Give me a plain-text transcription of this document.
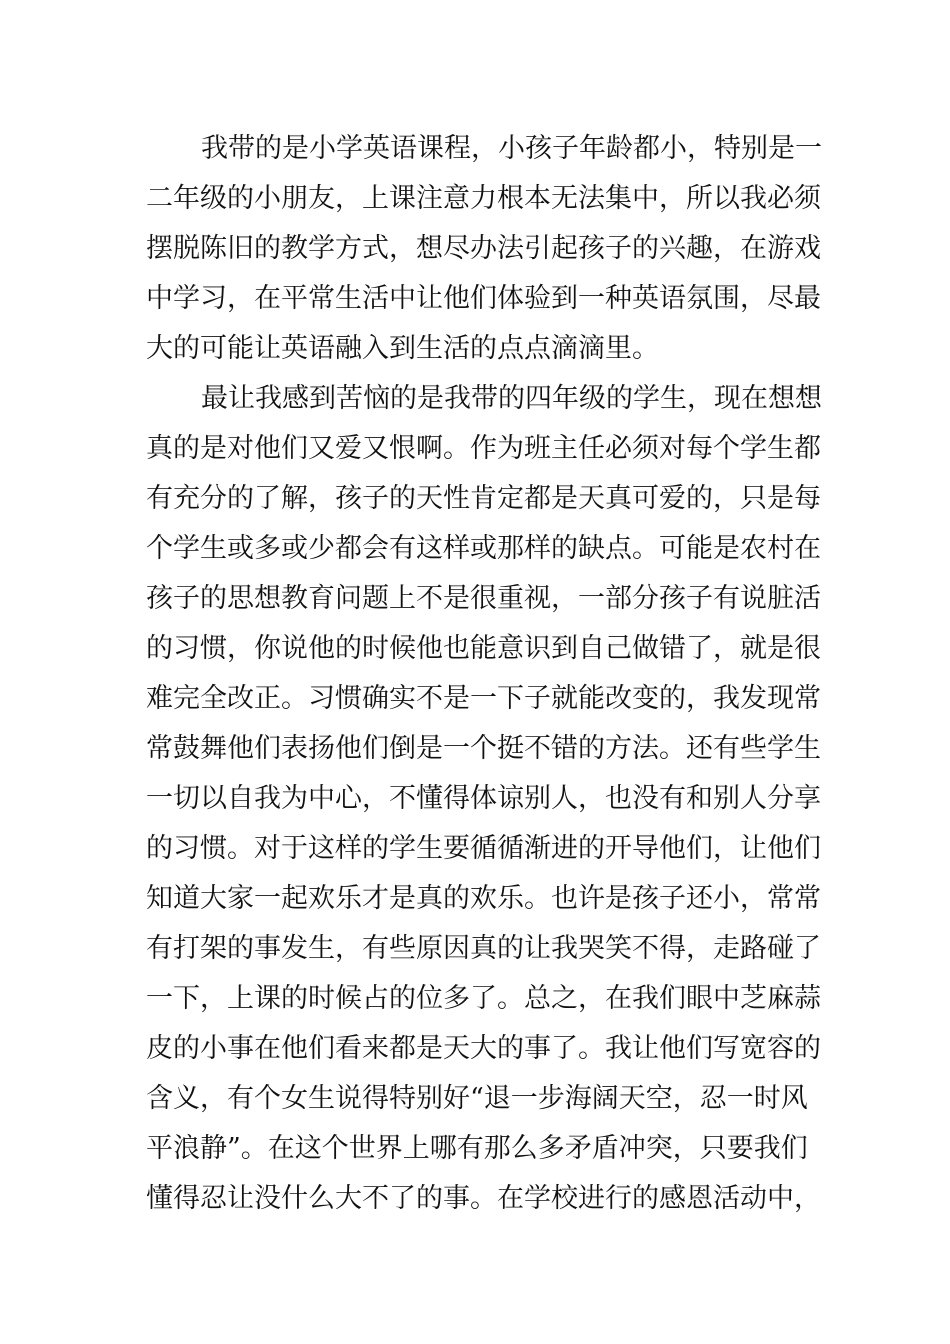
我带的是小学英语课程，小孩子年龄都小，特别是一
二年级的小朋友，上课注意力根本无法集中，所以我必须
摆脱陈旧的教学方式，想尽办法引起孩子的兴趣，在游戏
中学习，在平常生活中让他们体验到一种英语氛围，尽最
大的可能让英语融入到生活的点点滴滴里。
最让我感到苦恼的是我带的四年级的学生，现在想想
真的是对他们又爱又恨啊。作为班主任必须对每个学生都
有充分的了解，孩子的天性肯定都是天真可爱的，只是每
个学生或多或少都会有这样或那样的缺点。可能是农村在
孩子的思想教育问题上不是很重视，一部分孩子有说脏活
的习惯，你说他的时候他也能意识到自己做错了，就是很
难完全改正。习惯确实不是一下子就能改变的，我发现常
常鼓舞他们表扬他们倒是一个挺不错的方法。还有些学生
一切以自我为中心，不懂得体谅别人，也没有和别人分享
的习惯。对于这样的学生要循循渐进的开导他们，让他们
知道大家一起欢乐才是真的欢乐。也许是孩子还小，常常
有打架的事发生，有些原因真的让我哭笑不得，走路碰了
一下，上课的时候占的位多了。总之，在我们眼中芝麻蒜
皮的小事在他们看来都是天大的事了。我让他们写宽容的
含义，有个女生说得特别好“退一步海阔天空，忍一时风
平浪静”。在这个世界上哪有那么多矛盾冲突，只要我们
懂得忍让没什么大不了的事。在学校进行的感恩活动中，
